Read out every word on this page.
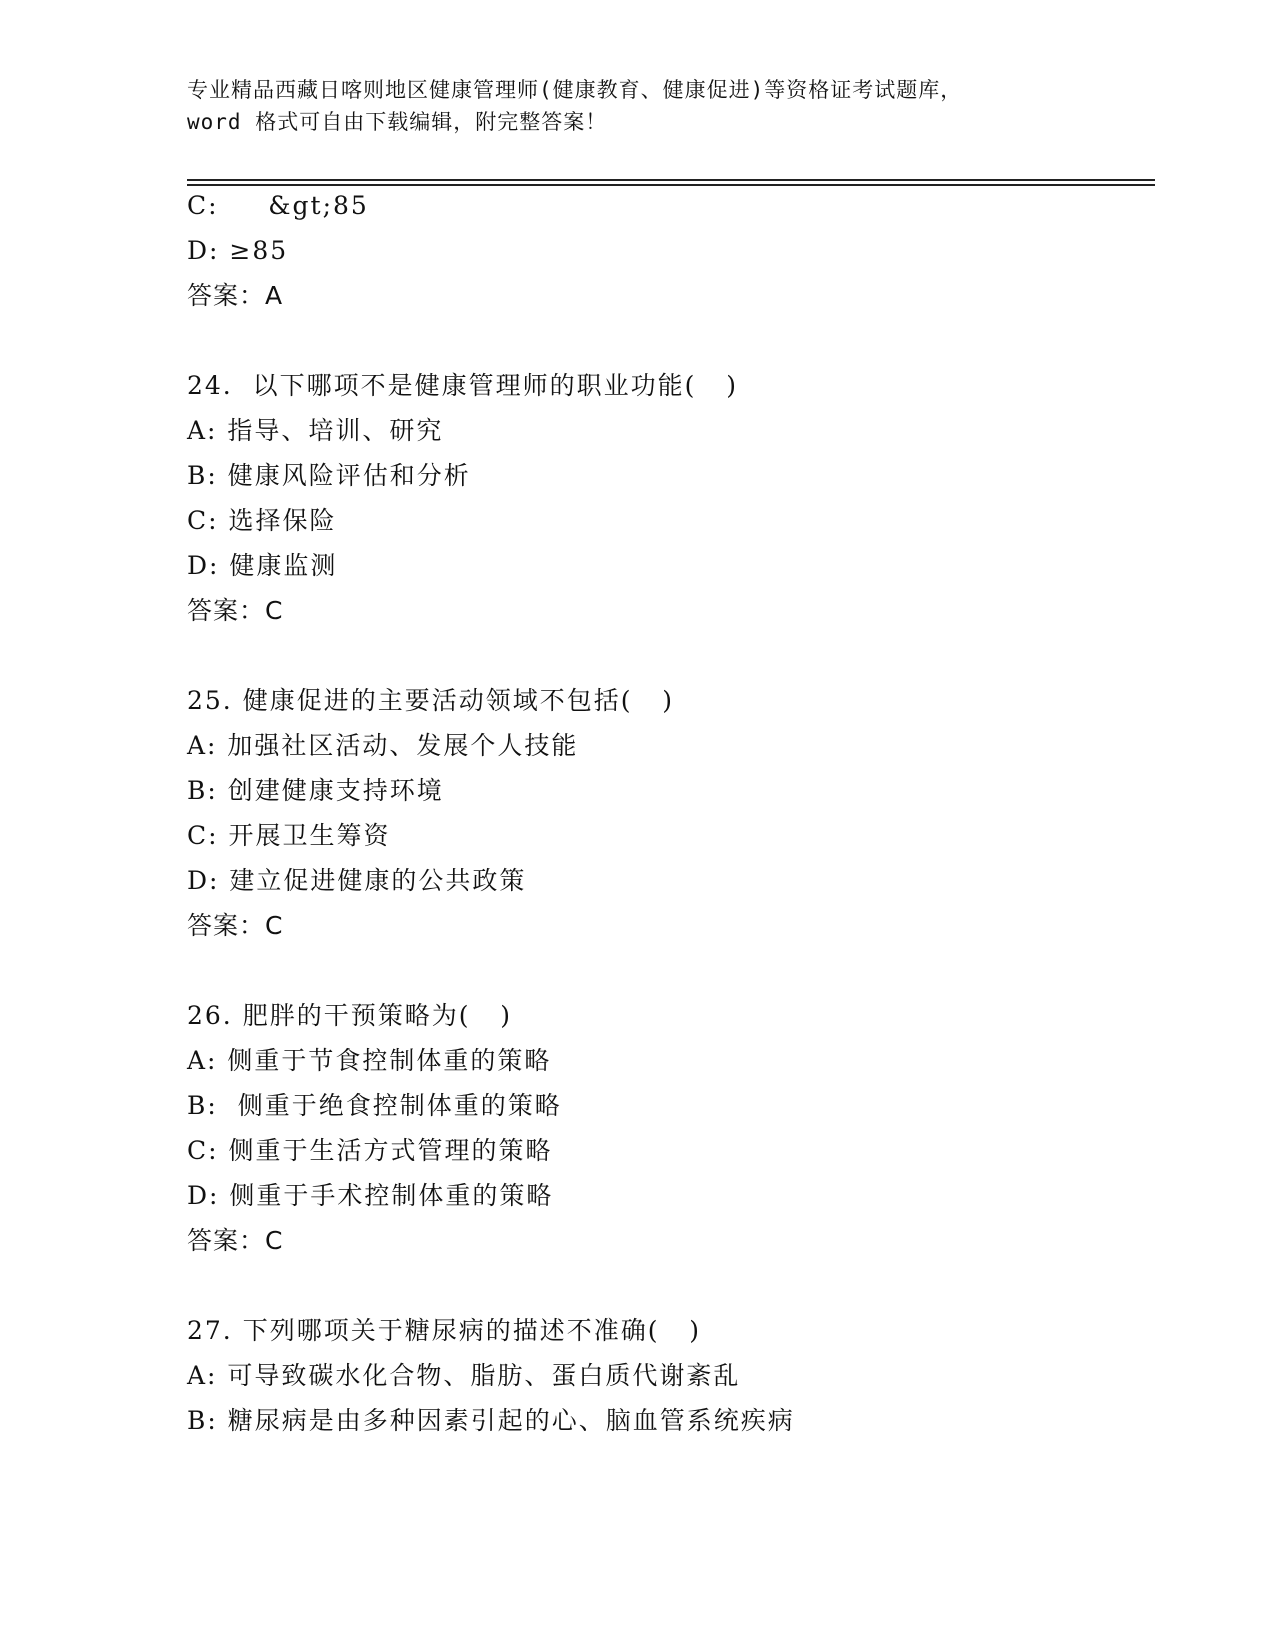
专业精品西藏日喀则地区健康管理师(健康教育、健康促进)等资格证考试题库，
word 格式可自由下载编辑，附完整答案！
C:     &gt;85
D: ≥85
答案：A
24.  以下哪项不是健康管理师的职业功能(   )
A: 指导、培训、研究
B: 健康风险评估和分析
C: 选择保险
D: 健康监测
答案：C
25. 健康促进的主要活动领域不包括(   )
A: 加强社区活动、发展个人技能
B: 创建健康支持环境
C: 开展卫生筹资
D: 建立促进健康的公共政策
答案：C
26. 肥胖的干预策略为(   )
A: 侧重于节食控制体重的策略
B:  侧重于绝食控制体重的策略
C: 侧重于生活方式管理的策略
D: 侧重于手术控制体重的策略
答案：C
27. 下列哪项关于糖尿病的描述不准确(   )
A: 可导致碳水化合物、脂肪、蛋白质代谢紊乱
B: 糖尿病是由多种因素引起的心、脑血管系统疾病
